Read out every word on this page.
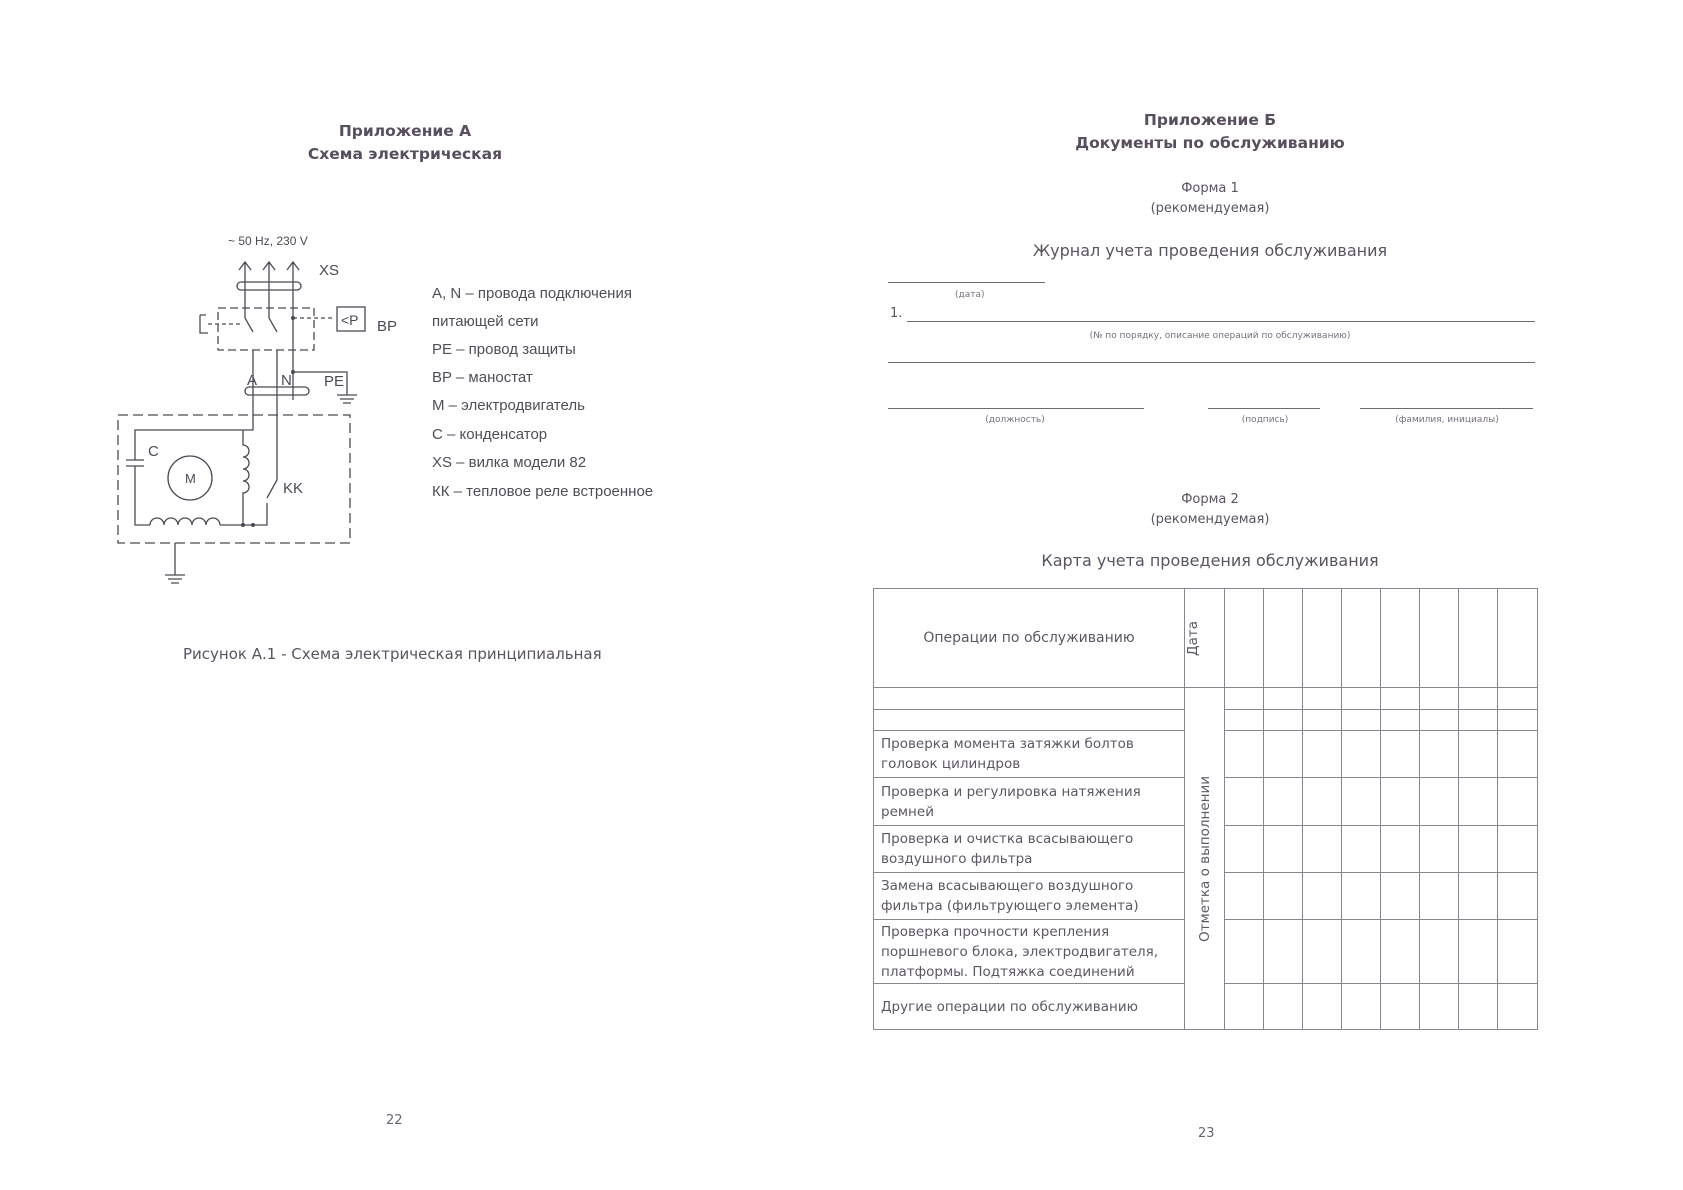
Приложение А
Схема электрическая
~ 50 Hz, 230 V
XS
<P BP
A N PE
C
M
KK
A, N – провода подключения
питающей сети
PE – провод защиты
BP – маностат
М – электродвигатель
С – конденсатор
XS – вилка модели 82
КК – тепловое реле встроенное
Рисунок А.1 - Схема электрическая принципиальная
22
Приложение Б
Документы по обслуживанию
Форма 1
(рекомендуемая)
Журнал учета проведения обслуживания
(дата)
1.
(№ по порядку, описание операций по обслуживанию)
(должность)	(подпись)	(фамилия, инициалы)
Форма 2
(рекомендуемая)
Карта учета проведения обслуживания
Операции по обслуживанию	Дата								

	Отметка о выполнении								

Проверка момента затяжки болтов головок цилиндров									
Проверка и регулировка натяжения ремней									
Проверка и очистка всасывающего воздушного фильтра									
Замена всасывающего воздушного фильтра (фильтрующего элемента)									
Проверка прочности крепления поршневого блока, электродвигателя, платформы. Подтяжка соединений									
Другие операции по обслуживанию									
23
